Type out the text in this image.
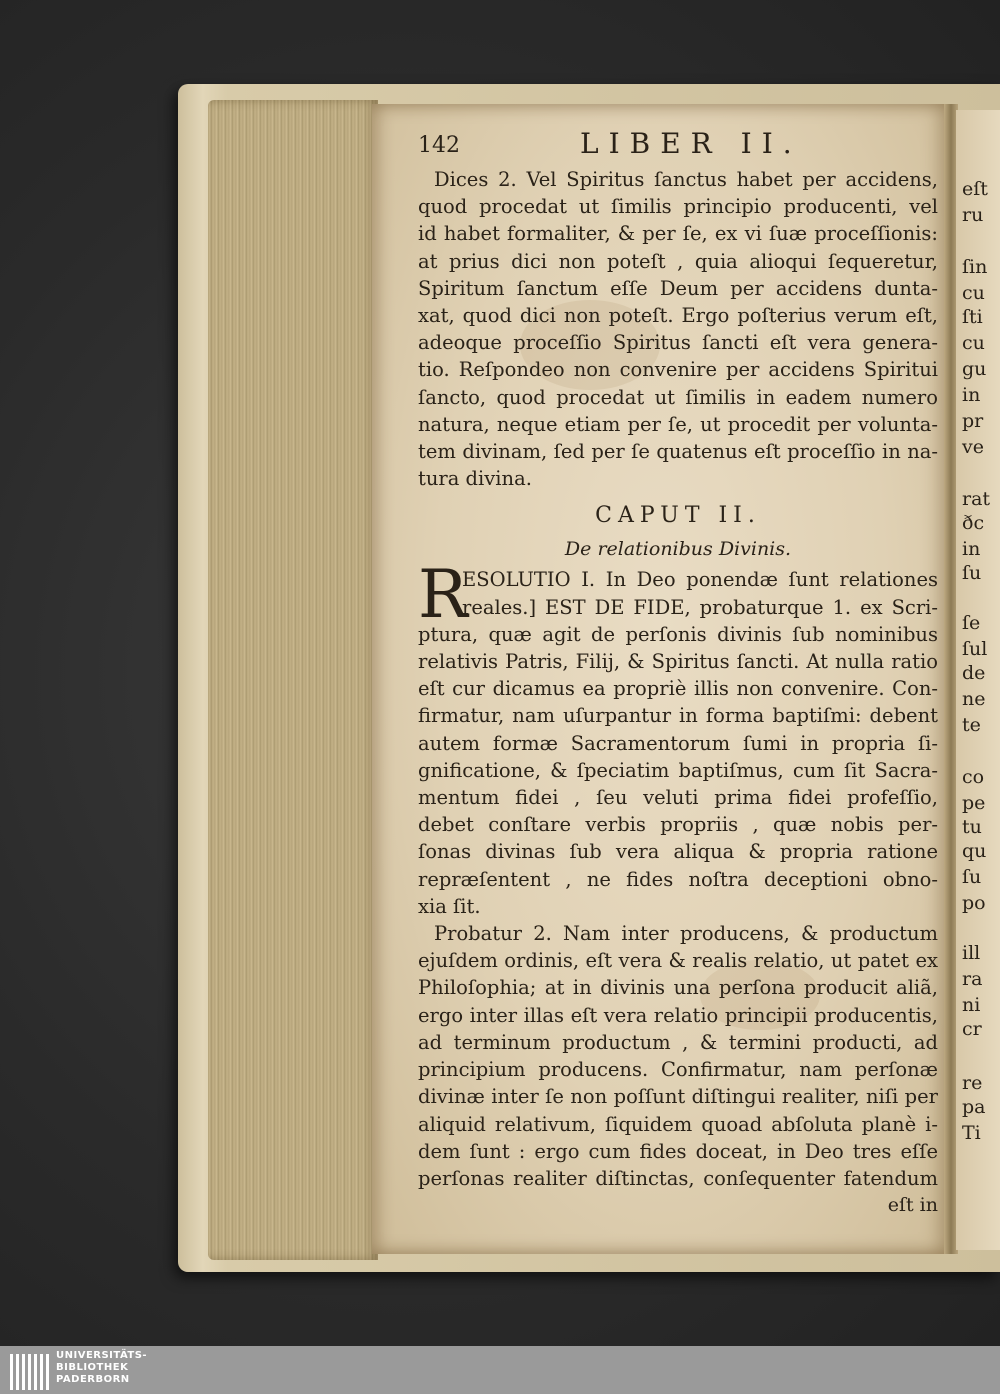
eſt
ru
ſin
cu
ſti
cu
gu
in
pr
ve
rat
ðc
in
ſu
ſe
ſul
de
ne
te
co
pe
tu
qu
ſu
po
ill
ra
ni
cr
re
pa
Ti
142	LIBER II.
Dices 2. Vel Spiritus ſanctus habet per accidens,
quod procedat ut ſimilis principio producenti, vel
id habet formaliter, & per ſe, ex vi ſuæ proceſſionis:
at prius dici non poteſt , quia alioqui ſequeretur,
Spiritum ſanctum eſſe Deum per accidens dunta-
xat, quod dici non poteſt. Ergo poſterius verum eſt,
adeoque proceſſio Spiritus ſancti eſt vera genera-
tio. Reſpondeo non convenire per accidens Spiritui
ſancto, quod procedat ut ſimilis in eadem numero
natura, neque etiam per ſe, ut procedit per volunta-
tem divinam, ſed per ſe quatenus eſt proceſſio in na-
tura divina.
CAPUT II.
De relationibus Divinis.
R
ESOLUTIO I. In Deo ponendæ ſunt relationes
reales.] EST DE FIDE, probaturque 1. ex Scri-
ptura, quæ agit de perſonis divinis ſub nominibus
relativis Patris, Filij, & Spiritus ſancti. At nulla ratio
eſt cur dicamus ea propriè illis non convenire. Con-
firmatur, nam uſurpantur in forma baptiſmi: debent
autem formæ Sacramentorum ſumi in propria ſi-
gnificatione, & ſpeciatim baptiſmus, cum ſit Sacra-
mentum fidei , ſeu veluti prima fidei profeſſio,
debet conſtare verbis propriis , quæ nobis per-
ſonas divinas ſub vera aliqua & propria ratione
repræſentent , ne fides noſtra deceptioni obno-
xia ſit.
Probatur 2. Nam inter producens, & productum
ejuſdem ordinis, eſt vera & realis relatio, ut patet ex
Philoſophia; at in divinis una perſona producit aliã,
ergo inter illas eſt vera relatio principii producentis,
ad terminum productum , & termini producti, ad
principium producens. Confirmatur, nam perſonæ
divinæ inter ſe non poſſunt diſtingui realiter, niſi per
aliquid relativum, ſiquidem quoad abſoluta planè i-
dem ſunt : ergo cum fides doceat, in Deo tres eſſe
perſonas realiter diſtinctas, conſequenter fatendum
eſt in
UNIVERSITÄTS-
BIBLIOTHEK
PADERBORN
